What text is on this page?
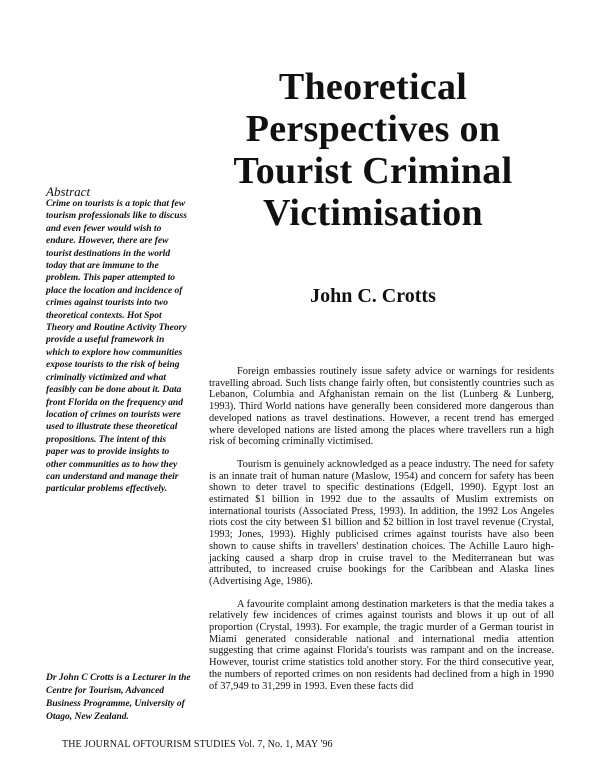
Theoretical
Perspectives on
Tourist Criminal
Victimisation

John C. Crotts

Abstract

Crime on tourists is a topic that few tourism professionals like to discuss and even fewer would wish to endure. However, there are few tourist destinations in the world today that are immune to the problem. This paper attempted to place the location and incidence of crimes against tourists into two theoretical contexts. Hot Spot Theory and Routine Activity Theory provide a useful framework in which to explore how communities expose tourists to the risk of being criminally victimized and what feasibly can be done about it. Data front Florida on the frequency and location of crimes on tourists were used to illustrate these theoretical propositions. The intent of this paper was to provide insights to other communities as to how they can understand and manage their particular problems effectively.

Dr John C Crotts is a Lecturer in the Centre for Tourism, Advanced Business Programme, University of Otago, New Zealand.

Foreign embassies routinely issue safety advice or warnings for residents travelling abroad. Such lists change fairly often, but consistently countries such as Lebanon, Columbia and Afghanistan remain on the list (Lunberg & Lunberg, 1993). Third World nations have generally been considered more dangerous than developed nations as travel destinations. However, a recent trend has emerged where developed nations are listed among the places where travellers run a high risk of becoming criminally victimised.

Tourism is genuinely acknowledged as a peace industry. The need for safety is an innate trait of human nature (Maslow, 1954) and concern for safety has been shown to deter travel to specific destinations (Edgell, 1990). Egypt lost an estimated $1 billion in 1992 due to the assaults of Muslim extremists on international tourists (Associated Press, 1993). In addition, the 1992 Los Angeles riots cost the city between $1 billion and $2 billion in lost travel revenue (Crystal, 1993; Jones, 1993). Highly publicised crimes against tourists have also been shown to cause shifts in travellers' destination choices. The Achille Lauro high-jacking caused a sharp drop in cruise travel to the Mediterranean but was attributed, to increased cruise bookings for the Caribbean and Alaska lines (Advertising Age, 1986).

A favourite complaint among destination marketers is that the media takes a relatively few incidences of crimes against tourists and blows it up out of all proportion (Crystal, 1993). For example, the tragic murder of a German tourist in Miami generated considerable national and international media attention suggesting that crime against Florida's tourists was rampant and on the increase. However, tourist crime statistics told another story. For the third consecutive year, the numbers of reported crimes on non residents had declined from a high in 1990 of 37,949 to 31,299 in 1993. Even these facts did

THE JOURNAL OFTOURISM STUDIES Vol. 7, No. 1, MAY '96
